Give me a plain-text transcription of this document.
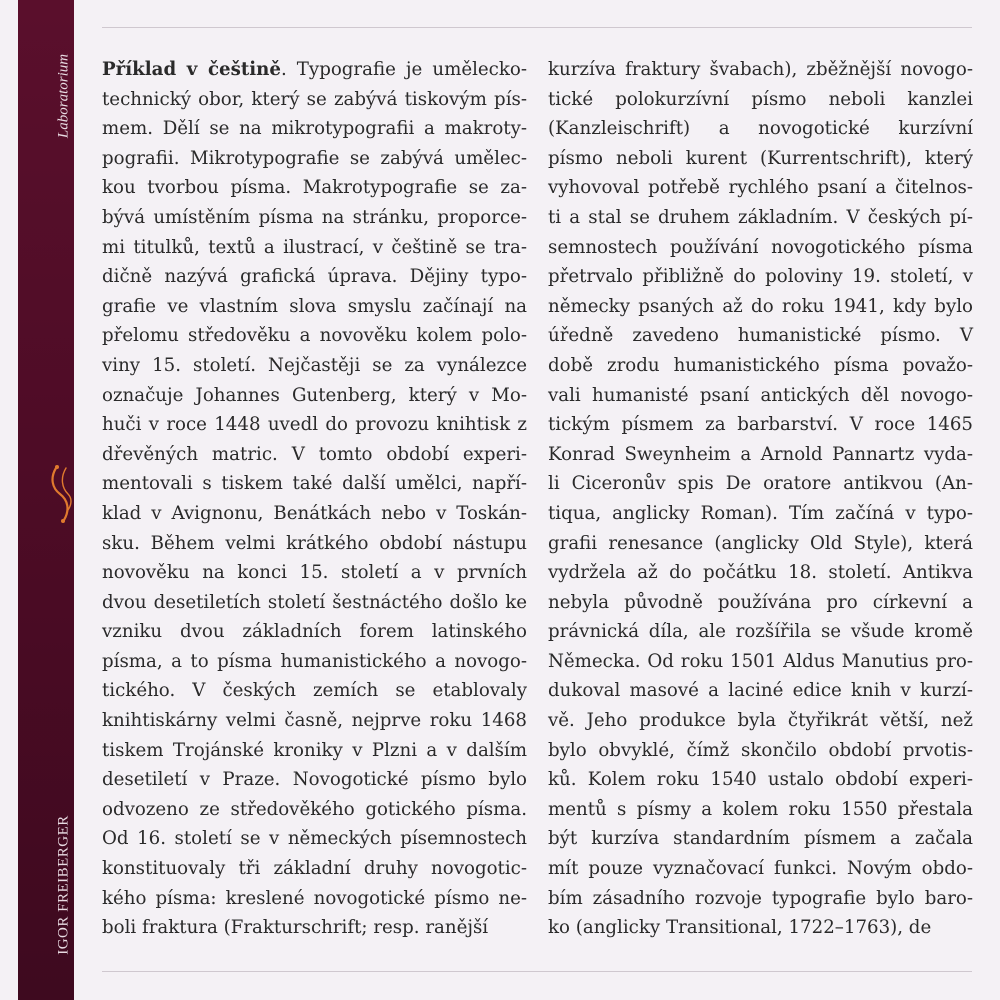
Laboratorium
IGOR FREIBERGER
Příklad v češtině. Typografie je umělecko-
technický obor, který se zabývá tiskovým pís-
mem. Dělí se na mikrotypografii a makroty-
pografii. Mikrotypografie se zabývá umělec-
kou tvorbou písma. Makrotypografie se za-
bývá umístěním písma na stránku, proporce-
mi titulků, textů a ilustrací, v češtině se tra-
dičně nazývá grafická úprava. Dějiny typo-
grafie ve vlastním slova smyslu začínají na
přelomu středověku a novověku kolem polo-
viny 15. století. Nejčastěji se za vynálezce
označuje Johannes Gutenberg, který v Mo-
huči v roce 1448 uvedl do provozu knihtisk z
dřevěných matric. V tomto období experi-
mentovali s tiskem také další umělci, napří-
klad v Avignonu, Benátkách nebo v Toskán-
sku. Během velmi krátkého období nástupu
novověku na konci 15. století a v prvních
dvou desetiletích století šestnáctého došlo ke
vzniku dvou základních forem latinského
písma, a to písma humanistického a novogo-
tického. V českých zemích se etablovaly
knihtiskárny velmi časně, nejprve roku 1468
tiskem Trojánské kroniky v Plzni a v dalším
desetiletí v Praze. Novogotické písmo bylo
odvozeno ze středověkého gotického písma.
Od 16. století se v německých písemnostech
konstituovaly tři základní druhy novogotic-
kého písma: kreslené novogotické písmo ne-
boli fraktura (Frakturschrift; resp. ranější
kurzíva fraktury švabach), zběžnější novogo-
tické polokurzívní písmo neboli kanzlei
(Kanzleischrift) a novogotické kurzívní
písmo neboli kurent (Kurrentschrift), který
vyhovoval potřebě rychlého psaní a čitelnos-
ti a stal se druhem základním. V českých pí-
semnostech používání novogotického písma
přetrvalo přibližně do poloviny 19. století, v
německy psaných až do roku 1941, kdy bylo
úředně zavedeno humanistické písmo. V
době zrodu humanistického písma považo-
vali humanisté psaní antických děl novogo-
tickým písmem za barbarství. V roce 1465
Konrad Sweynheim a Arnold Pannartz vyda-
li Ciceronův spis De oratore antikvou (An-
tiqua, anglicky Roman). Tím začíná v typo-
grafii renesance (anglicky Old Style), která
vydržela až do počátku 18. století. Antikva
nebyla původně používána pro církevní a
právnická díla, ale rozšířila se všude kromě
Německa. Od roku 1501 Aldus Manutius pro-
dukoval masové a laciné edice knih v kurzí-
vě. Jeho produkce byla čtyřikrát větší, než
bylo obvyklé, čímž skončilo období prvotis-
ků. Kolem roku 1540 ustalo období experi-
mentů s písmy a kolem roku 1550 přestala
být kurzíva standardním písmem a začala
mít pouze vyznačovací funkci. Novým obdo-
bím zásadního rozvoje typografie bylo baro-
ko (anglicky Transitional, 1722–1763), de
